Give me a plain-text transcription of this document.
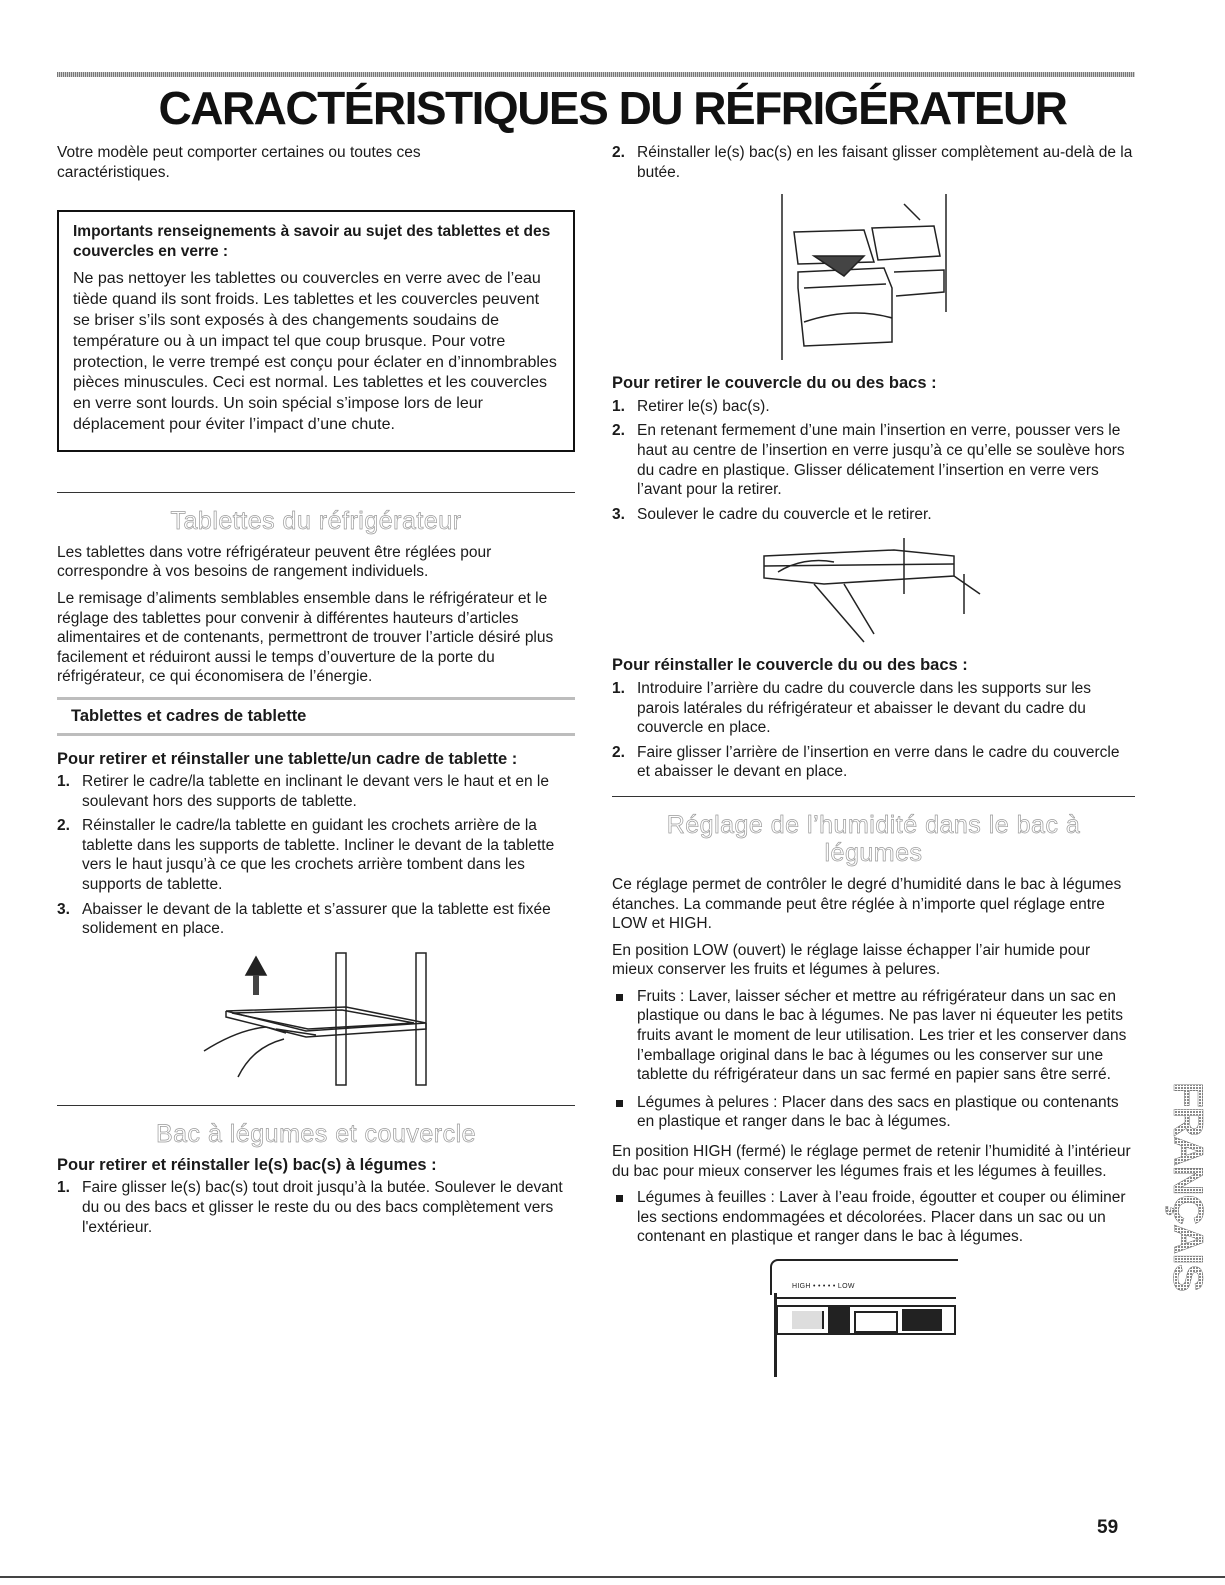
CARACTÉRISTIQUES DU RÉFRIGÉRATEUR

Votre modèle peut comporter certaines ou toutes ces caractéristiques.

Importants renseignements à savoir au sujet des tablettes et des couvercles en verre :
Ne pas nettoyer les tablettes ou couvercles en verre avec de l’eau tiède quand ils sont froids. Les tablettes et les couvercles peuvent se briser s’ils sont exposés à des changements soudains de température ou à un impact tel que coup brusque. Pour votre protection, le verre trempé est conçu pour éclater en d’innombrables pièces minuscules. Ceci est normal. Les tablettes et les couvercles en verre sont lourds. Un soin spécial s’impose lors de leur déplacement pour éviter l’impact d’une chute.
Tablettes du réfrigérateur

Les tablettes dans votre réfrigérateur peuvent être réglées pour correspondre à vos besoins de rangement individuels.

Le remisage d’aliments semblables ensemble dans le réfrigérateur et le réglage des tablettes pour convenir à différentes hauteurs d’articles alimentaires et de contenants, permettront de trouver l’article désiré plus facilement et réduiront aussi le temps d’ouverture de la porte du réfrigérateur, ce qui économisera de l’énergie.

Tablettes et cadres de tablette
Pour retirer et réinstaller une tablette/un cadre de tablette :
1. Retirer le cadre/la tablette en inclinant le devant vers le haut et en le soulevant hors des supports de tablette.
2. Réinstaller le cadre/la tablette en guidant les crochets arrière de la tablette dans les supports de tablette. Incliner le devant de la tablette vers le haut jusqu’à ce que les crochets arrière tombent dans les supports de tablette.
3. Abaisser le devant de la tablette et s’assurer que la tablette est fixée solidement en place.
Bac à légumes et couvercle
Pour retirer et réinstaller le(s) bac(s) à légumes :
1. Faire glisser le(s) bac(s) tout droit jusqu’à la butée. Soulever le devant du ou des bacs et glisser le reste du ou des bacs complètement vers l'extérieur.
2. Réinstaller le(s) bac(s) en les faisant glisser complètement au-delà de la butée.
Pour retirer le couvercle du ou des bacs :
1. Retirer le(s) bac(s).
2. En retenant fermement d’une main l’insertion en verre, pousser vers le haut au centre de l’insertion en verre jusqu’à ce qu’elle se soulève hors du cadre en plastique. Glisser délicatement l’insertion en verre vers l’avant pour la retirer.
3. Soulever le cadre du couvercle et le retirer.
Pour réinstaller le couvercle du ou des bacs :
1. Introduire l’arrière du cadre du couvercle dans les supports sur les parois latérales du réfrigérateur et abaisser le devant du cadre du couvercle en place.
2. Faire glisser l’arrière de l’insertion en verre dans le cadre du couvercle et abaisser le devant en place.
Réglage de l’humidité dans le bac à légumes

Ce réglage permet de contrôler le degré d’humidité dans le bac à légumes étanches. La commande peut être réglée à n’importe quel réglage entre LOW et HIGH.

En position LOW (ouvert) le réglage laisse échapper l’air humide pour mieux conserver les fruits et légumes à pelures.

Fruits : Laver, laisser sécher et mettre au réfrigérateur dans un sac en plastique ou dans le bac à légumes. Ne pas laver ni équeuter les petits fruits avant le moment de leur utilisation. Les trier et les conserver dans l’emballage original dans le bac à légumes ou les conserver sur une tablette du réfrigérateur dans un sac fermé en papier sans être serré.
Légumes à pelures : Placer dans des sacs en plastique ou contenants en plastique et ranger dans le bac à légumes.

En position HIGH (fermé) le réglage permet de retenir l’humidité à l’intérieur du bac pour mieux conserver les légumes frais et les légumes à feuilles.

Légumes à feuilles : Laver à l’eau froide, égoutter et couper ou éliminer les sections endommagées et décolorées. Placer dans un sac ou un contenant en plastique et ranger dans le bac à légumes.
HIGH • • • • • LOW	FRANÇAIS
59
